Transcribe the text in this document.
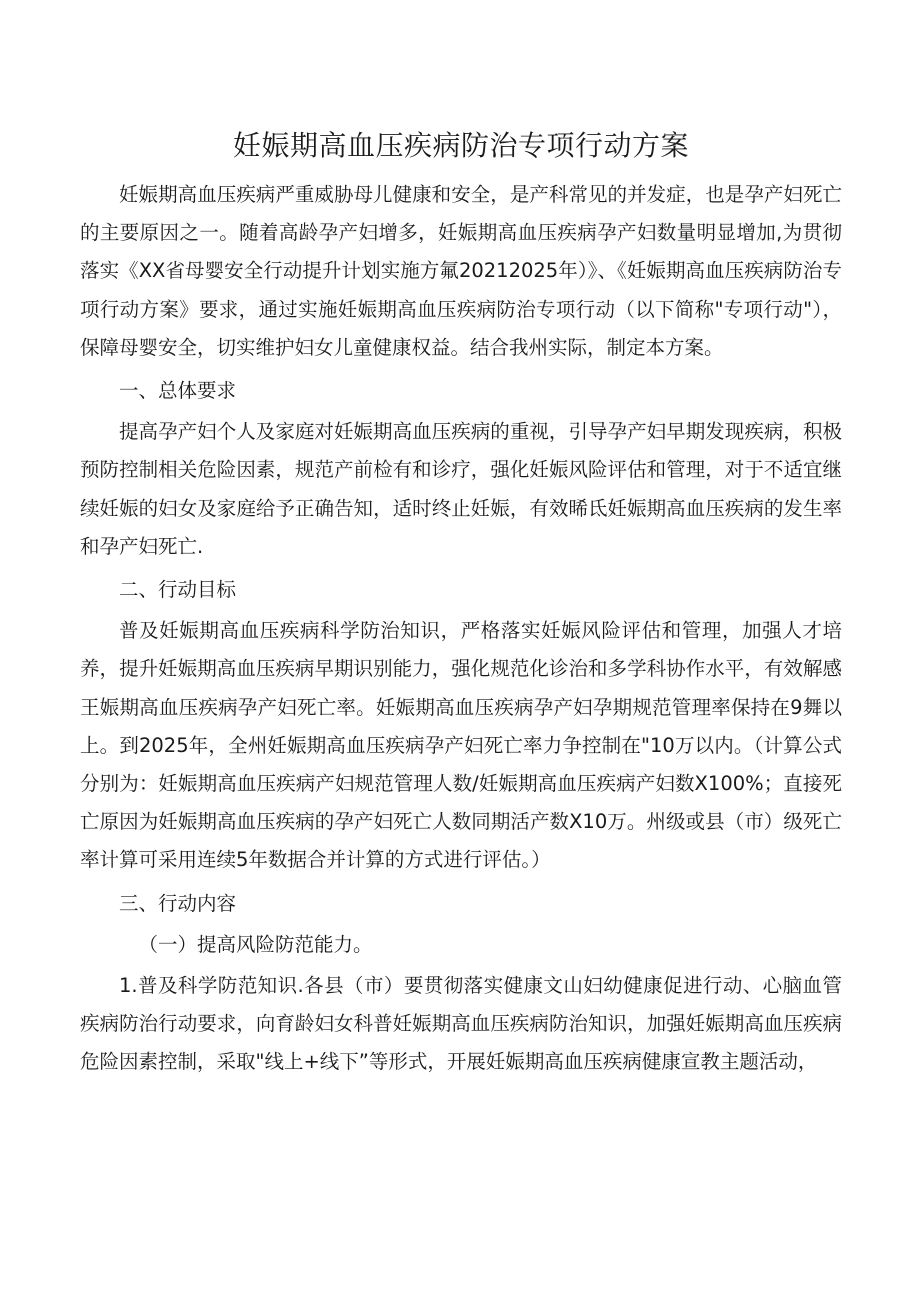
妊娠期高血压疾病防治专项行动方案

妊娠期高血压疾病严重威胁母儿健康和安全，是产科常见的并发症，也是孕产妇死亡的主要原因之一。随着高龄孕产妇增多，妊娠期高血压疾病孕产妇数量明显增加,为贯彻落实《XX省母婴安全行动提升计划实施方氟20212025年）》、《妊娠期高血压疾病防治专项行动方案》要求，通过实施妊娠期高血压疾病防治专项行动（以下简称"专项行动"），保障母婴安全，切实维护妇女儿童健康权益。结合我州实际，制定本方案。

一、总体要求

提高孕产妇个人及家庭对妊娠期高血压疾病的重视，引导孕产妇早期发现疾病，积极预防控制相关危险因素，规范产前检有和诊疗，强化妊娠风险评估和管理，对于不适宜继续妊娠的妇女及家庭给予正确告知，适时终止妊娠，有效晞氐妊娠期高血压疾病的发生率和孕产妇死亡.

二、行动目标

普及妊娠期高血压疾病科学防治知识，严格落实妊娠风险评估和管理，加强人才培养，提升妊娠期高血压疾病早期识别能力，强化规范化诊治和多学科协作水平，有效解感王娠期高血压疾病孕产妇死亡率。妊娠期高血压疾病孕产妇孕期规范管理率保持在9舞以上。到2025年，全州妊娠期高血压疾病孕产妇死亡率力争控制在"10万以内。（计算公式分别为：妊娠期高血压疾病产妇规范管理人数/妊娠期高血压疾病产妇数X100%；直接死亡原因为妊娠期高血压疾病的孕产妇死亡人数同期活产数X10万。州级或县（市）级死亡率计算可采用连续5年数据合并计算的方式进行评估。）

三、行动内容

（一）提高风险防范能力。

1.普及科学防范知识.各县（市）要贯彻落实健康文山妇幼健康促进行动、心脑血管疾病防治行动要求，向育龄妇女科普妊娠期高血压疾病防治知识，加强妊娠期高血压疾病危险因素控制，采取"线上+线下”等形式，开展妊娠期高血压疾病健康宣教主题活动，
